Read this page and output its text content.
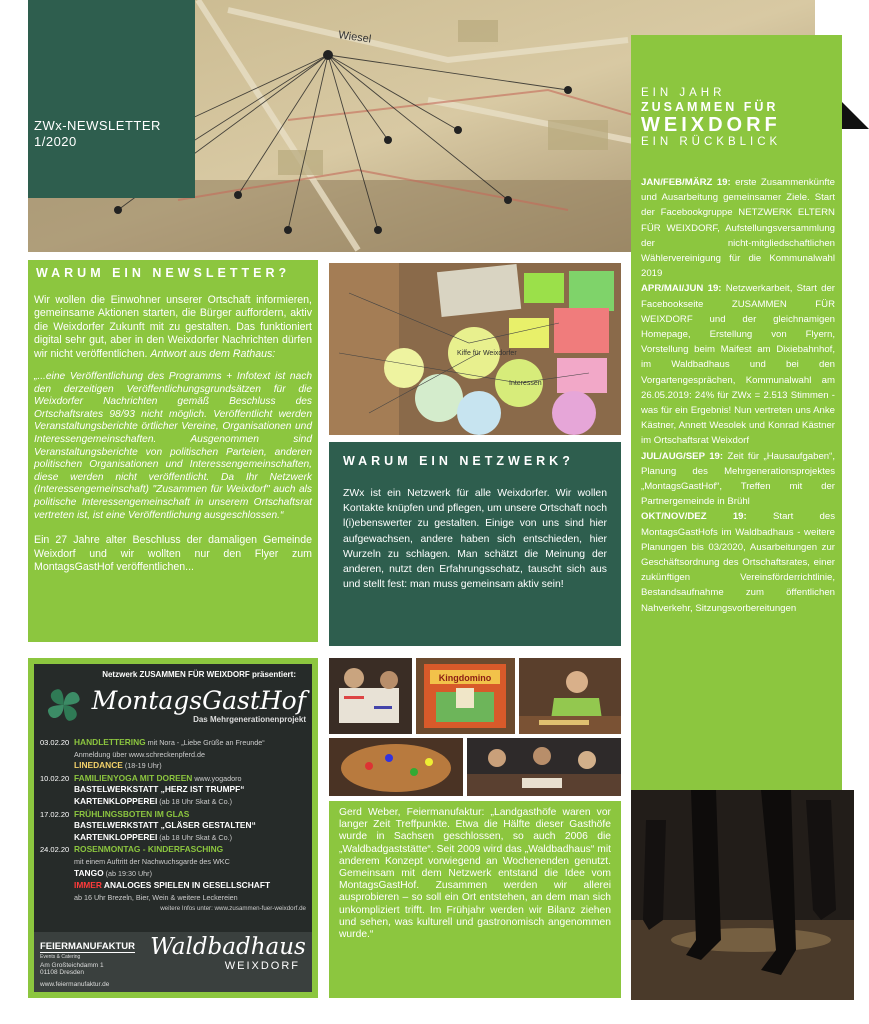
Wiesel
ZWx-NEWSLETTER
1/2020
EIN JAHR
ZUSAMMEN FÜR
WEIXDORF
EIN RÜCKBLICK

JAN/FEB/MÄRZ 19: erste Zusammenkünfte und Ausarbeitung gemeinsamer Ziele. Start der Facebookgruppe NETZWERK ELTERN FÜR WEIXDORF, Aufstellungsversammlung der nicht-mitgliedschaftlichen Wählervereinigung für die Kommunalwahl 2019

APR/MAI/JUN 19: Netzwerkarbeit, Start der Facebookseite ZUSAMMEN FÜR WEIXDORF und der gleichnamigen Homepage, Erstellung von Flyern, Vorstellung beim Maifest am Dixiebahnhof, im Waldbadhaus und bei den Vorgartengesprächen, Kommunalwahl am 26.05.2019: 24% für ZWx = 2.513 Stimmen - was für ein Ergebnis! Nun vertreten uns Anke Kästner, Annett Wesolek und Konrad Kästner im Ortschaftsrat Weixdorf

JUL/AUG/SEP 19: Zeit für „Hausaufgaben“, Planung des Mehrgenerationsprojektes „MontagsGastHof“, Treffen mit der Partnergemeinde in Brühl

OKT/NOV/DEZ 19: Start des MontagsGastHofs im Waldbadhaus - weitere Planungen bis 03/2020, Ausarbeitungen zur Geschäftsordnung des Ortschaftsrates, einer zukünftigen Vereinsförderrichtlinie, Bestandsaufnahme zum öffentlichen Nahverkehr, Sitzungsvorbereitungen

WARUM EIN NEWSLETTER?

Wir wollen die Einwohner unserer Ortschaft informieren, gemeinsame Aktionen starten, die Bürger auffordern, aktiv die Weixdorfer Zukunft mit zu gestalten. Das funktioniert digital sehr gut, aber in den Weixdorfer Nachrichten dürfen wir nicht veröffentlichen. Antwort aus dem Rathaus:

„...eine Veröffentlichung des Programms + Infotext ist nach den derzeitigen Veröffentlichungsgrundsätzen für die Weixdorfer Nachrichten gemäß Beschluss des Ortschaftsrates 98/93 nicht möglich. Veröffentlicht werden Veranstaltungsberichte örtlicher Vereine, Organisationen und Interessengemeinschaften. Ausgenommen sind Veranstaltungsberichte von politischen Parteien, anderen politischen Organisationen und Interessengemeinschaften, diese werden nicht veröffentlicht. Da Ihr Netzwerk (Interessengemeinschaft) "Zusammen für Weixdorf" auch als politische Interessengemeinschaft in unserem Ortschaftsrat vertreten ist, ist eine Veröffentlichung ausgeschlossen.“

Ein 27 Jahre alter Beschluss der damaligen Gemeinde Weixdorf und wir wollten nur den Flyer zum MontagsGastHof veröffentlichen...

Kiffe für Weixdorfer
Interessen
WARUM EIN NETZWERK?

ZWx ist ein Netzwerk für alle Weixdorfer. Wir wollen Kontakte knüpfen und pflegen, um unsere Ortschaft noch l(i)ebenswerter zu gestalten. Einige von uns sind hier aufgewachsen, andere haben sich entschieden, hier Wurzeln zu schlagen. Man schätzt die Meinung der anderen, nutzt den Erfahrungsschatz, tauscht sich aus und stellt fest: man muss gemeinsam aktiv sein!

Netzwerk ZUSAMMEN FÜR WEIXDORF präsentiert:
MontagsGastHof
Das Mehrgenerationenprojekt
03.02.20 HANDLETTERING mit Nora - „Liebe Grüße an Freunde“
Anmeldung über www.schreckenpferd.de
LINEDANCE (18-19 Uhr)
10.02.20 FAMILIENYOGA MIT DOREEN www.yogadoro
BASTELWERKSTATT „HERZ IST TRUMPF“
KARTENKLOPPEREI (ab 18 Uhr Skat & Co.)
17.02.20 FRÜHLINGSBOTEN IM GLAS
BASTELWERKSTATT „GLÄSER GESTALTEN“
KARTENKLOPPEREI (ab 18 Uhr Skat & Co.)
24.02.20 ROSENMONTAG - KINDERFASCHING
mit einem Auftritt der Nachwuchsgarde des WKC
TANGO (ab 19:30 Uhr)
IMMER ANALOGES SPIELEN IN GESELLSCHAFT
ab 16 Uhr Brezeln, Bier, Wein & weitere Leckereien
weitere Infos unter: www.zusammen-fuer-weixdorf.de
FEIERMANUFAKTUR
Events & Catering
Am Großteichdamm 1
01108 Dresden
www.feiermanufaktur.de
Waldbadhaus
WEIXDORF
Kingdomino

Gerd Weber, Feiermanufaktur: „Landgasthöfe waren vor langer Zeit Treffpunkte. Etwa die Hälfte dieser Gasthöfe wurde in Sachsen geschlossen, so auch 2006 die „Waldbadgaststätte“. Seit 2009 wird das „Waldbadhaus“ mit anderem Konzept vorwiegend an Wochenenden genutzt. Gemeinsam mit dem Netzwerk entstand die Idee vom MontagsGastHof. Zusammen werden wir allerei ausprobieren – so soll ein Ort entstehen, an dem man sich unkompliziert trifft. Im Frühjahr werden wir Bilanz ziehen und sehen, was kulturell und gastronomisch angenommen wurde.“
